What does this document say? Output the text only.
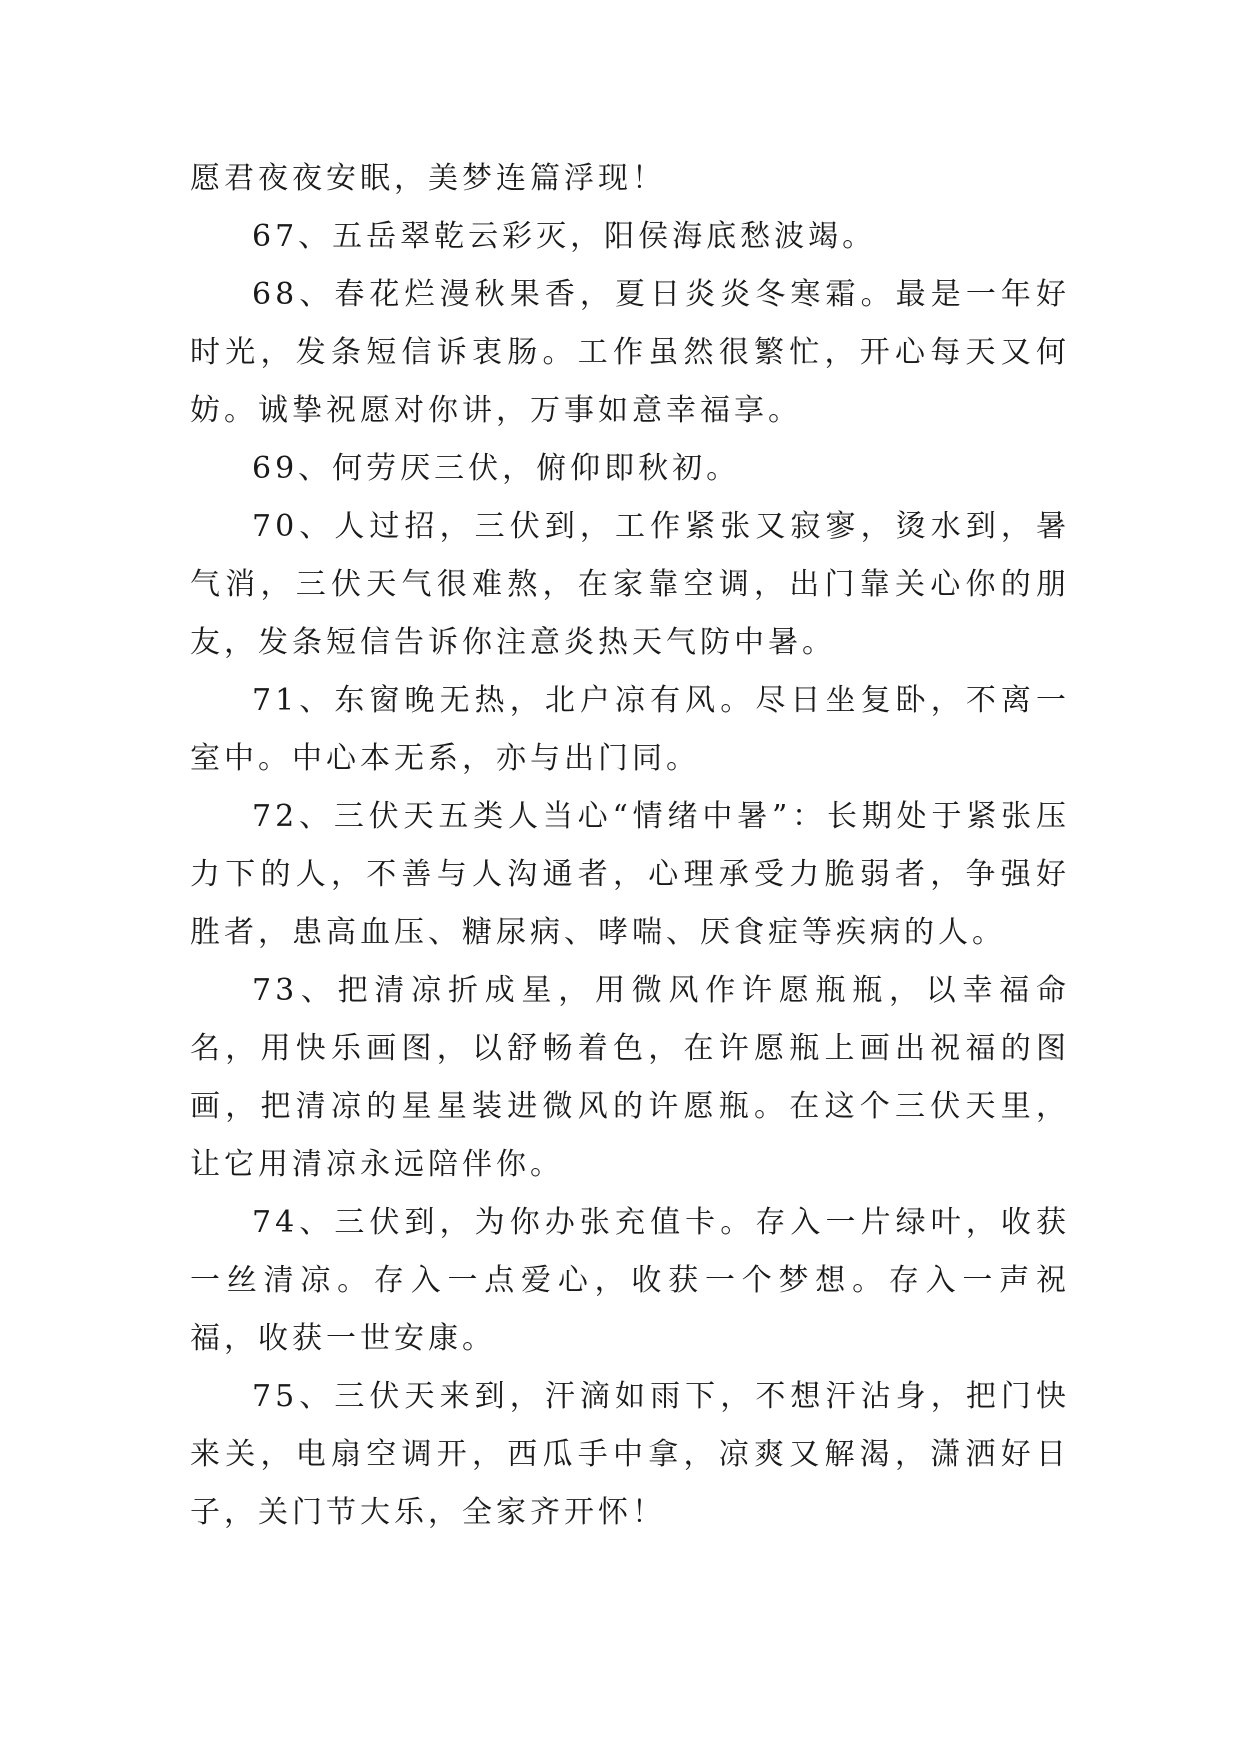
愿君夜夜安眠，美梦连篇浮现！

67、五岳翠乾云彩灭，阳侯海底愁波竭。

68、春花烂漫秋果香，夏日炎炎冬寒霜。最是一年好时光，发条短信诉衷肠。工作虽然很繁忙，开心每天又何妨。诚挚祝愿对你讲，万事如意幸福享。

69、何劳厌三伏，俯仰即秋初。

70、人过招，三伏到，工作紧张又寂寥，烫水到，暑气消，三伏天气很难熬，在家靠空调，出门靠关心你的朋友，发条短信告诉你注意炎热天气防中暑。

71、东窗晚无热，北户凉有风。尽日坐复卧，不离一室中。中心本无系，亦与出门同。

72、三伏天五类人当心“情绪中暑”：长期处于紧张压力下的人，不善与人沟通者，心理承受力脆弱者，争强好胜者，患高血压、糖尿病、哮喘、厌食症等疾病的人。

73、把清凉折成星，用微风作许愿瓶瓶，以幸福命名，用快乐画图，以舒畅着色，在许愿瓶上画出祝福的图画，把清凉的星星装进微风的许愿瓶。在这个三伏天里，让它用清凉永远陪伴你。

74、三伏到，为你办张充值卡。存入一片绿叶，收获一丝清凉。存入一点爱心，收获一个梦想。存入一声祝福，收获一世安康。

75、三伏天来到，汗滴如雨下，不想汗沾身，把门快来关，电扇空调开，西瓜手中拿，凉爽又解渴，潇洒好日子，关门节大乐，全家齐开怀！
